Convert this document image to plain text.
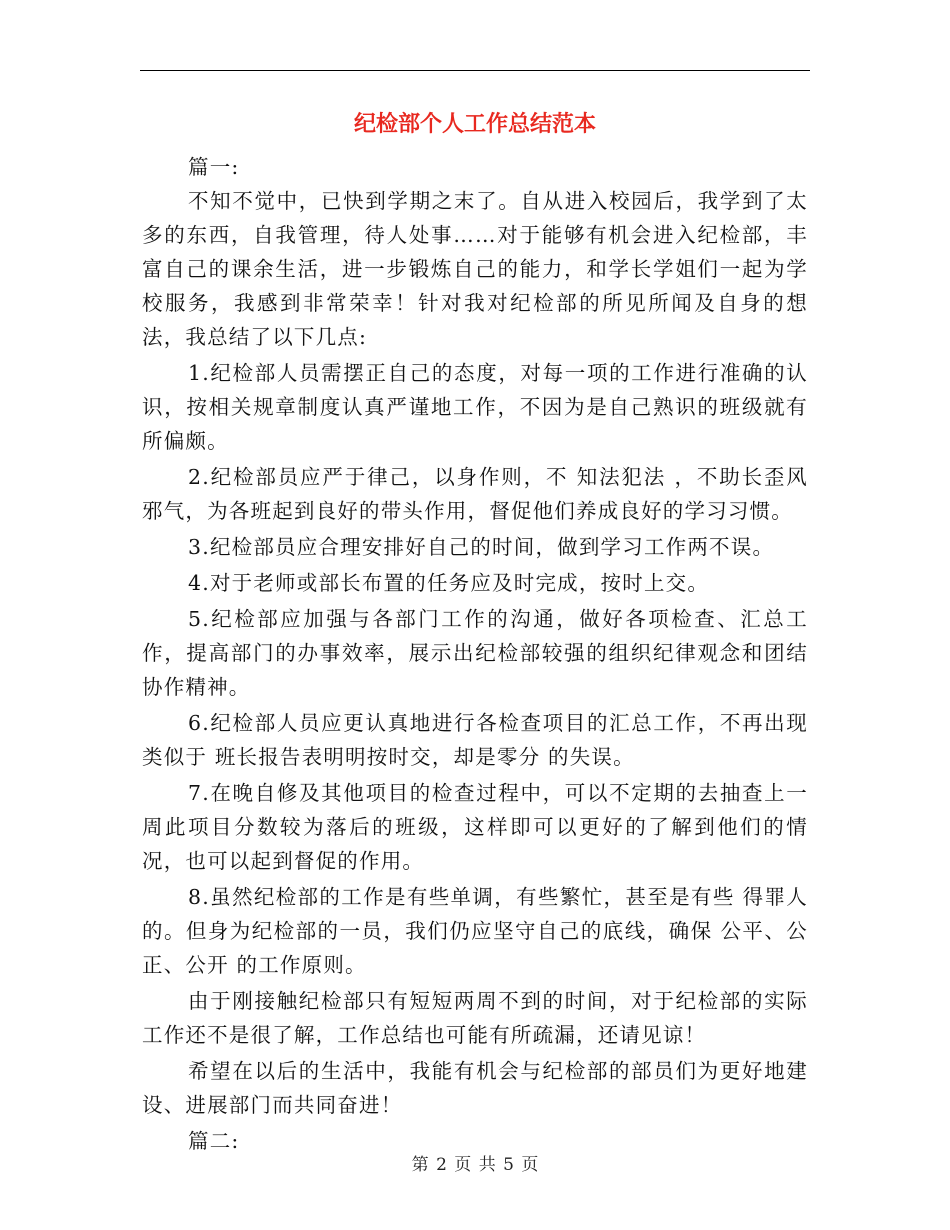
纪检部个人工作总结范本

篇一:

不知不觉中，已快到学期之末了。自从进入校园后，我学到了太多的东西，自我管理，待人处事……对于能够有机会进入纪检部，丰富自己的课余生活，进一步锻炼自己的能力，和学长学姐们一起为学校服务，我感到非常荣幸！针对我对纪检部的所见所闻及自身的想法，我总结了以下几点:

1.纪检部人员需摆正自己的态度，对每一项的工作进行准确的认识，按相关规章制度认真严谨地工作，不因为是自己熟识的班级就有所偏颇。

2.纪检部员应严于律己，以身作则，不 知法犯法 ，不助长歪风邪气，为各班起到良好的带头作用，督促他们养成良好的学习习惯。

3.纪检部员应合理安排好自己的时间，做到学习工作两不误。

4.对于老师或部长布置的任务应及时完成，按时上交。

5.纪检部应加强与各部门工作的沟通，做好各项检查、汇总工作，提高部门的办事效率，展示出纪检部较强的组织纪律观念和团结协作精神。

6.纪检部人员应更认真地进行各检查项目的汇总工作，不再出现类似于 班长报告表明明按时交，却是零分 的失误。

7.在晚自修及其他项目的检查过程中，可以不定期的去抽查上一周此项目分数较为落后的班级，这样即可以更好的了解到他们的情况，也可以起到督促的作用。

8.虽然纪检部的工作是有些单调，有些繁忙，甚至是有些 得罪人的。但身为纪检部的一员，我们仍应坚守自己的底线，确保 公平、公正、公开 的工作原则。

由于刚接触纪检部只有短短两周不到的时间，对于纪检部的实际工作还不是很了解，工作总结也可能有所疏漏，还请见谅！

希望在以后的生活中，我能有机会与纪检部的部员们为更好地建设、进展部门而共同奋进！

篇二:

第 2 页 共 5 页
